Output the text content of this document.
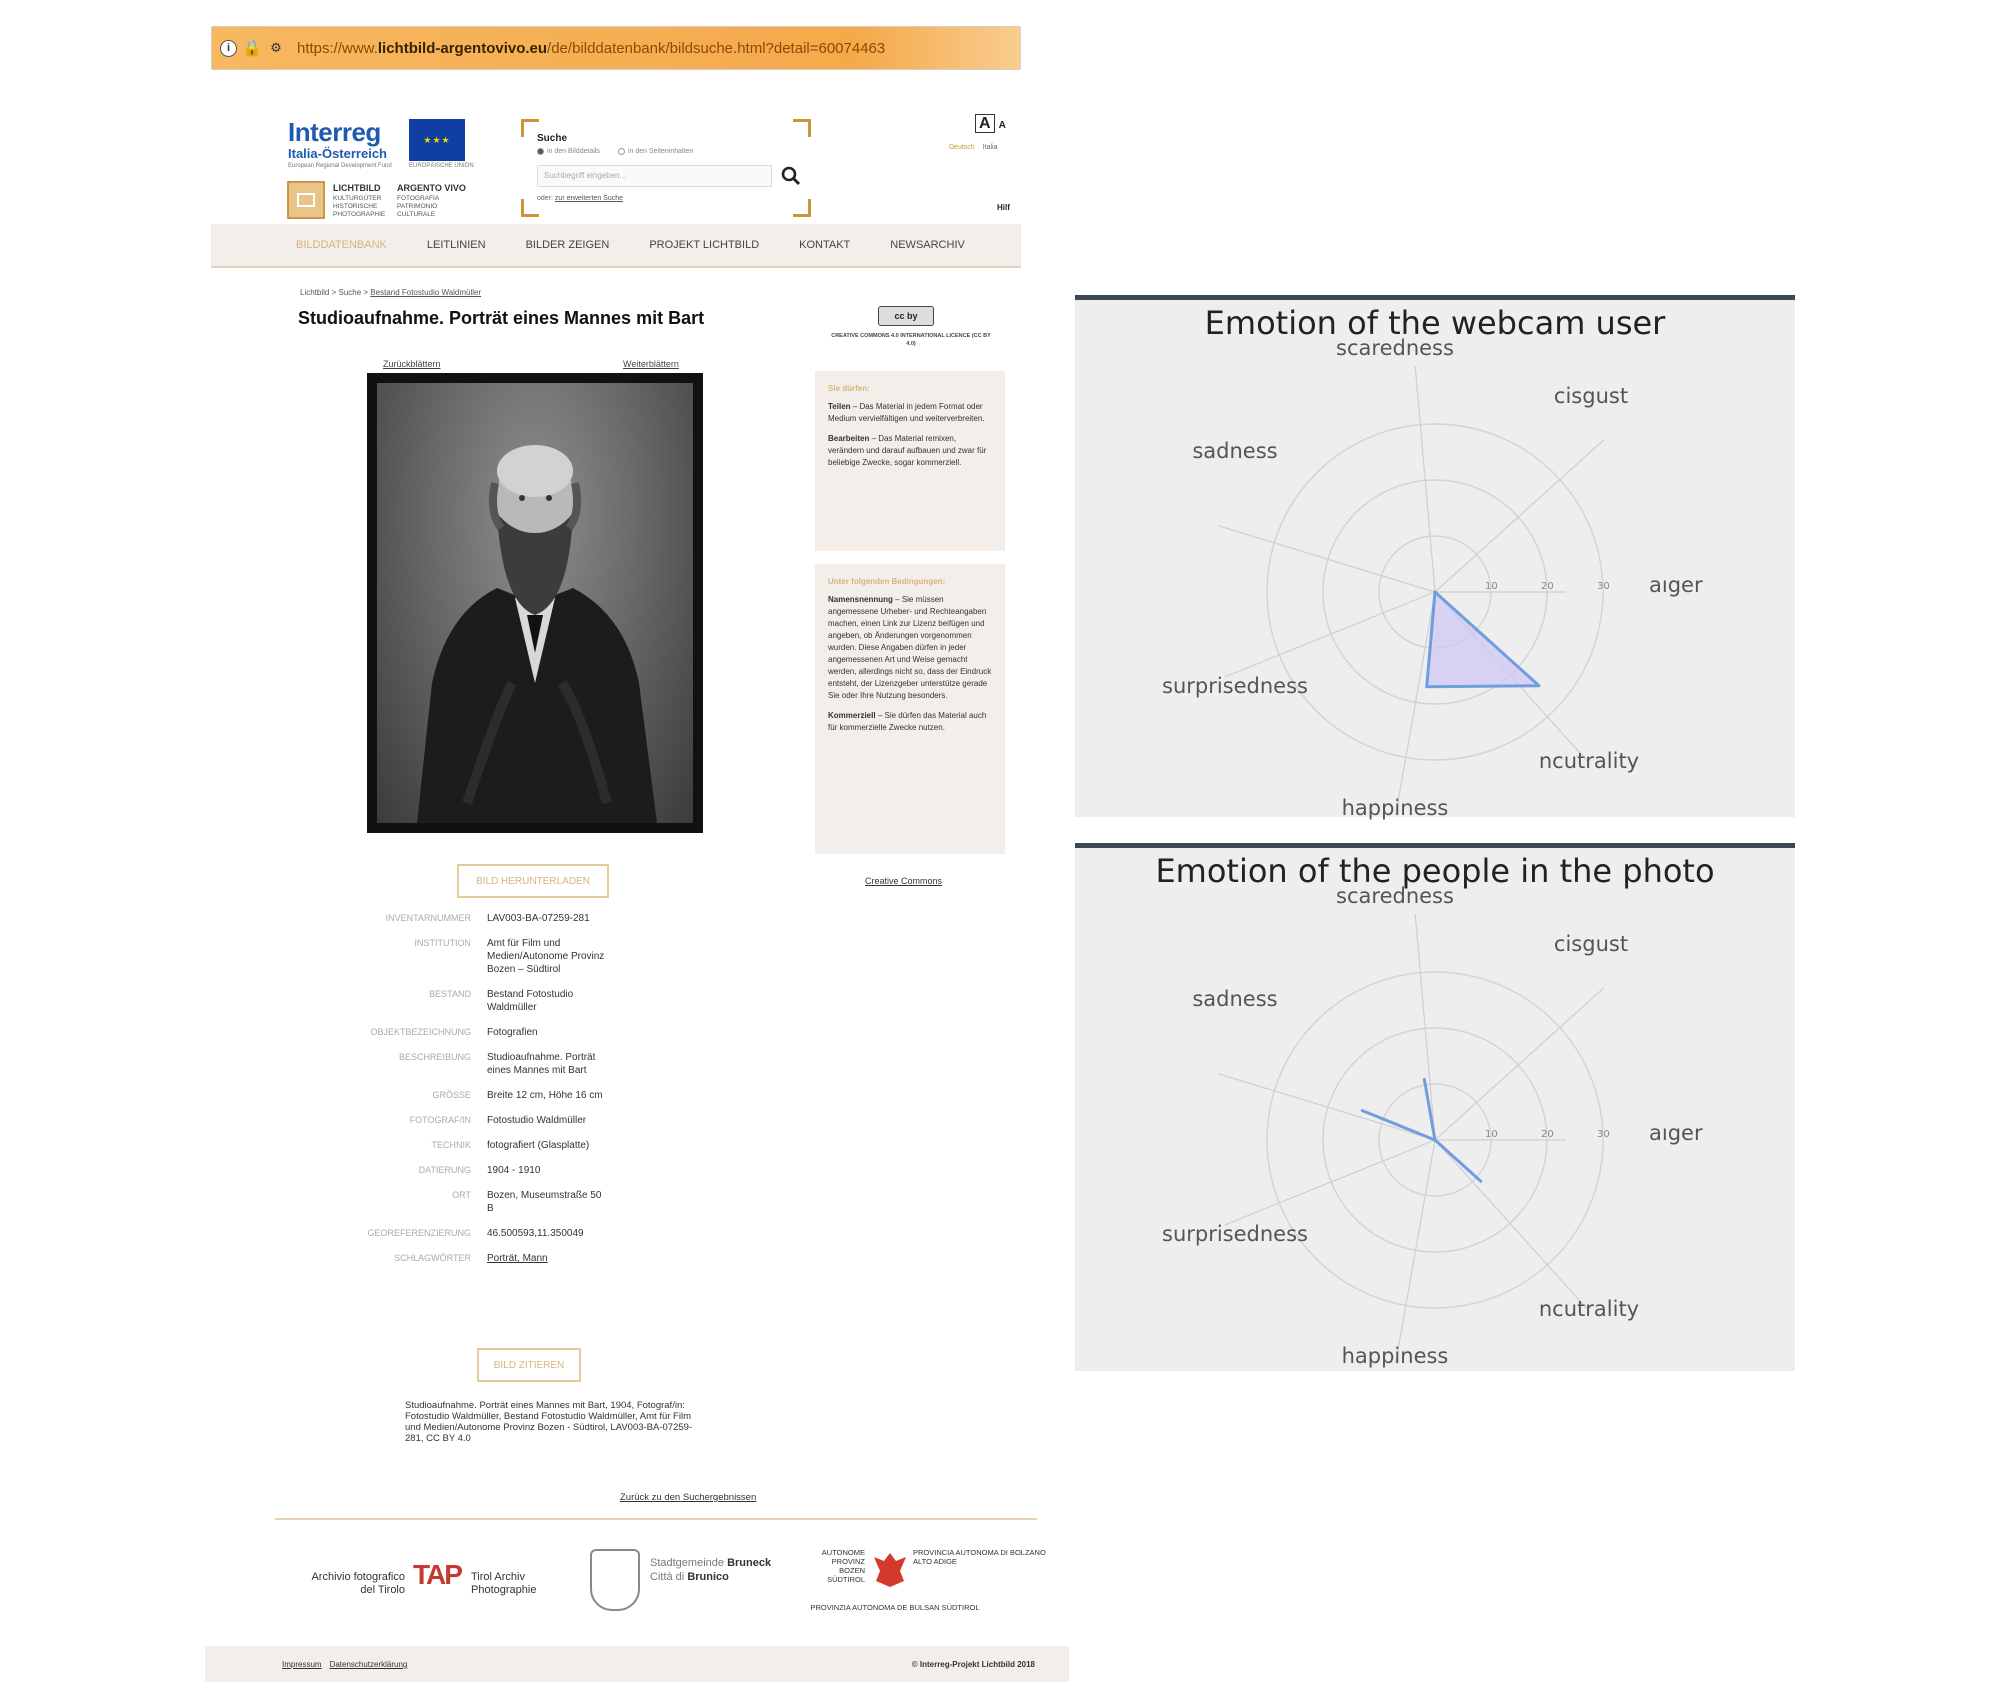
i 🔒 ⚙ https://www.lichtbild-argentovivo.eu/de/bilddatenbank/bildsuche.html?detail=60074463
Interreg
Italia-Österreich
European Regional Development Fund
★★★
EUROPÄISCHE UNION
LICHTBILD
KULTURGÜTER
HISTORISCHE
PHOTOGRAPHIE
ARGENTO VIVO
FOTOGRAFIA
PATRIMONIO
CULTURALE
Suche
in den Bilddetails	in den Seiteninhalten
Suchbegriff eingeben...
oder: zur erweiterten Suche
A A
Deutsch Italia
Hilf
BILDDATENBANK	LEITLINIEN	BILDER ZEIGEN	PROJEKT LICHTBILD	KONTAKT	NEWSARCHIV
Lichtbild > Suche > Bestand Fotostudio Waldmüller
Studioaufnahme. Porträt eines Mannes mit Bart	cc by
CREATIVE COMMONS 4.0 INTERNATIONAL LICENCE (CC BY 4.0)
Zurückblättern	Weiterblättern
BILD HERUNTERLADEN
INVENTARNUMMER	LAV003-BA-07259-281
INSTITUTION	Amt für Film und Medien/Autonome Provinz Bozen – Südtirol
BESTAND	Bestand Fotostudio Waldmüller
OBJEKTBEZEICHNUNG	Fotografien
BESCHREIBUNG	Studioaufnahme. Porträt eines Mannes mit Bart
GRÖSSE	Breite 12 cm, Höhe 16 cm
FOTOGRAF/IN	Fotostudio Waldmüller
TECHNIK	fotografiert (Glasplatte)
DATIERUNG	1904 - 1910
ORT	Bozen, Museumstraße 50 B
GEOREFERENZIERUNG	46.500593,11.350049
SCHLAGWÖRTER	Porträt, Mann
BILD ZITIEREN
Studioaufnahme. Porträt eines Mannes mit Bart, 1904, Fotograf/in: Fotostudio Waldmüller, Bestand Fotostudio Waldmüller, Amt für Film und Medien/Autonome Provinz Bozen - Südtirol, LAV003-BA-07259-281, CC BY 4.0
Zurück zu den Suchergebnissen
Sie dürfen:

Teilen – Das Material in jedem Format oder Medium vervielfältigen und weiterverbreiten.

Bearbeiten – Das Material remixen, verändern und darauf aufbauen und zwar für beliebige Zwecke, sogar kommerziell.

Unter folgenden Bedingungen:

Namensnennung – Sie müssen angemessene Urheber- und Rechteangaben machen, einen Link zur Lizenz beifügen und angeben, ob Änderungen vorgenommen wurden. Diese Angaben dürfen in jeder angemessenen Art und Weise gemacht werden, allerdings nicht so, dass der Eindruck entsteht, der Lizenzgeber unterstütze gerade Sie oder Ihre Nutzung besonders.

Kommerziell – Sie dürfen das Material auch für kommerzielle Zwecke nutzen.

Creative Commons
Archivio fotografico
del Tirolo TAP Tirol Archiv
Photographie
Stadtgemeinde Bruneck
Città di Brunico
AUTONOME PROVINZ BOZEN SÜDTIROL
PROVINCIA AUTONOMA DI BOLZANO ALTO ADIGE
PROVINZIA AUTONOMA DE BULSAN SÜDTIROL
Impressum Datenschutzerklärung	© Interreg-Projekt Lichtbild 2018
Emotion of the webcam user
10	20	30 aıger
scaredness
сisgust
sadness
surprisedness
happiness
nсutrality
Emotion of the people in the photo
10	20	30 aıger
scaredness
сisgust
sadness
surprisedness
happiness
nсutrality
